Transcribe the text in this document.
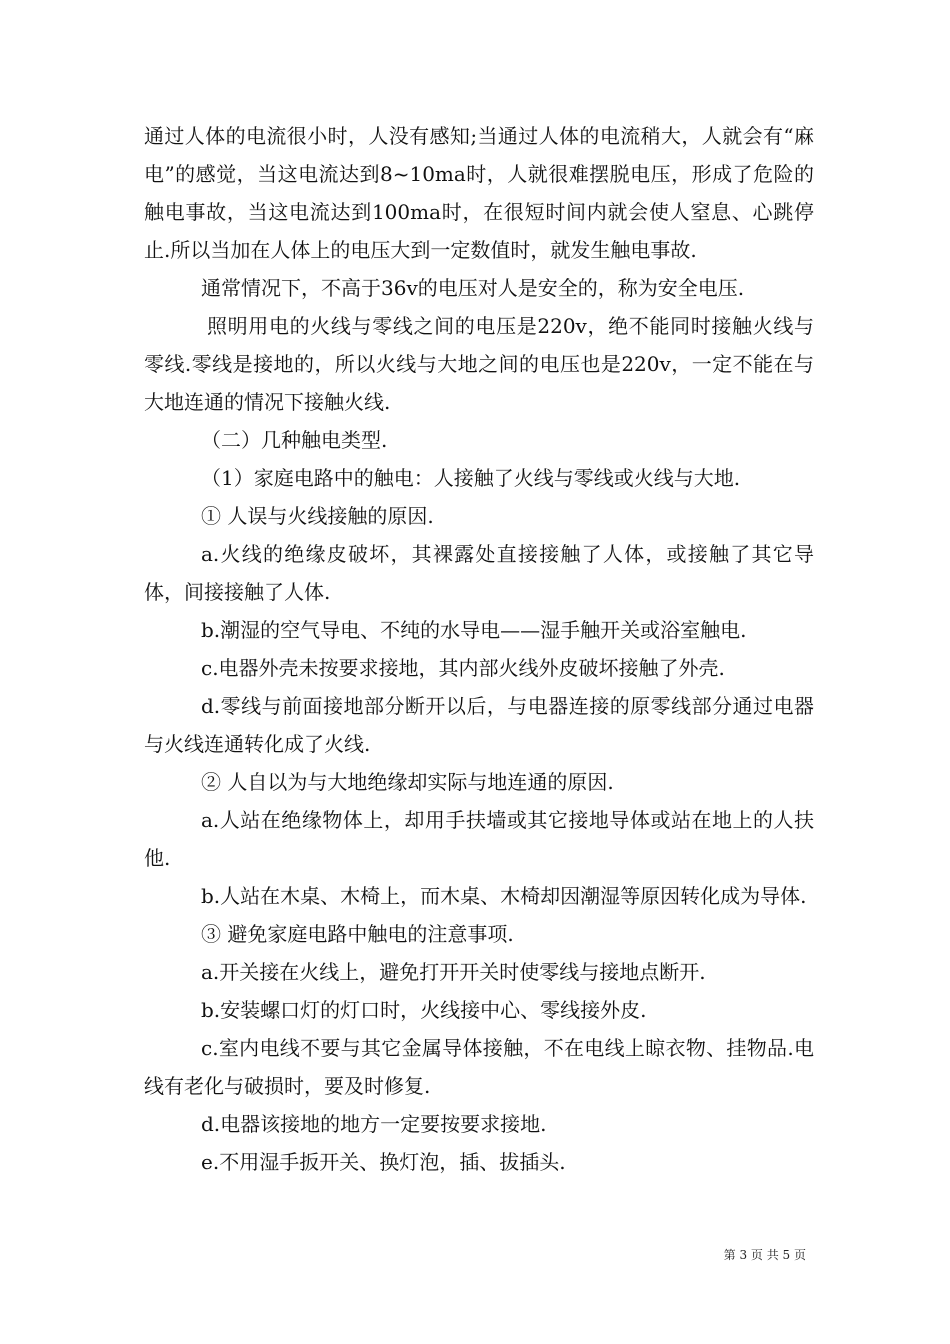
通过人体的电流很小时，人没有感知;当通过人体的电流稍大，人就会有“麻电”的感觉，当这电流达到8~10ma时，人就很难摆脱电压，形成了危险的触电事故，当这电流达到100ma时，在很短时间内就会使人窒息、心跳停止.所以当加在人体上的电压大到一定数值时，就发生触电事故.

通常情况下，不高于36v的电压对人是安全的，称为安全电压.

照明用电的火线与零线之间的电压是220v，绝不能同时接触火线与零线.零线是接地的，所以火线与大地之间的电压也是220v，一定不能在与大地连通的情况下接触火线.

（二）几种触电类型.

（1）家庭电路中的触电：人接触了火线与零线或火线与大地.

① 人误与火线接触的原因.

a.火线的绝缘皮破坏，其裸露处直接接触了人体，或接触了其它导体，间接接触了人体.

b.潮湿的空气导电、不纯的水导电——湿手触开关或浴室触电.

c.电器外壳未按要求接地，其内部火线外皮破坏接触了外壳.

d.零线与前面接地部分断开以后，与电器连接的原零线部分通过电器与火线连通转化成了火线.

② 人自以为与大地绝缘却实际与地连通的原因.

a.人站在绝缘物体上，却用手扶墙或其它接地导体或站在地上的人扶他.

b.人站在木桌、木椅上，而木桌、木椅却因潮湿等原因转化成为导体.

③ 避免家庭电路中触电的注意事项.

a.开关接在火线上，避免打开开关时使零线与接地点断开.

b.安装螺口灯的灯口时，火线接中心、零线接外皮.

c.室内电线不要与其它金属导体接触，不在电线上晾衣物、挂物品.电线有老化与破损时，要及时修复.

d.电器该接地的地方一定要按要求接地.

e.不用湿手扳开关、换灯泡，插、拔插头.

第 3 页 共 5 页
